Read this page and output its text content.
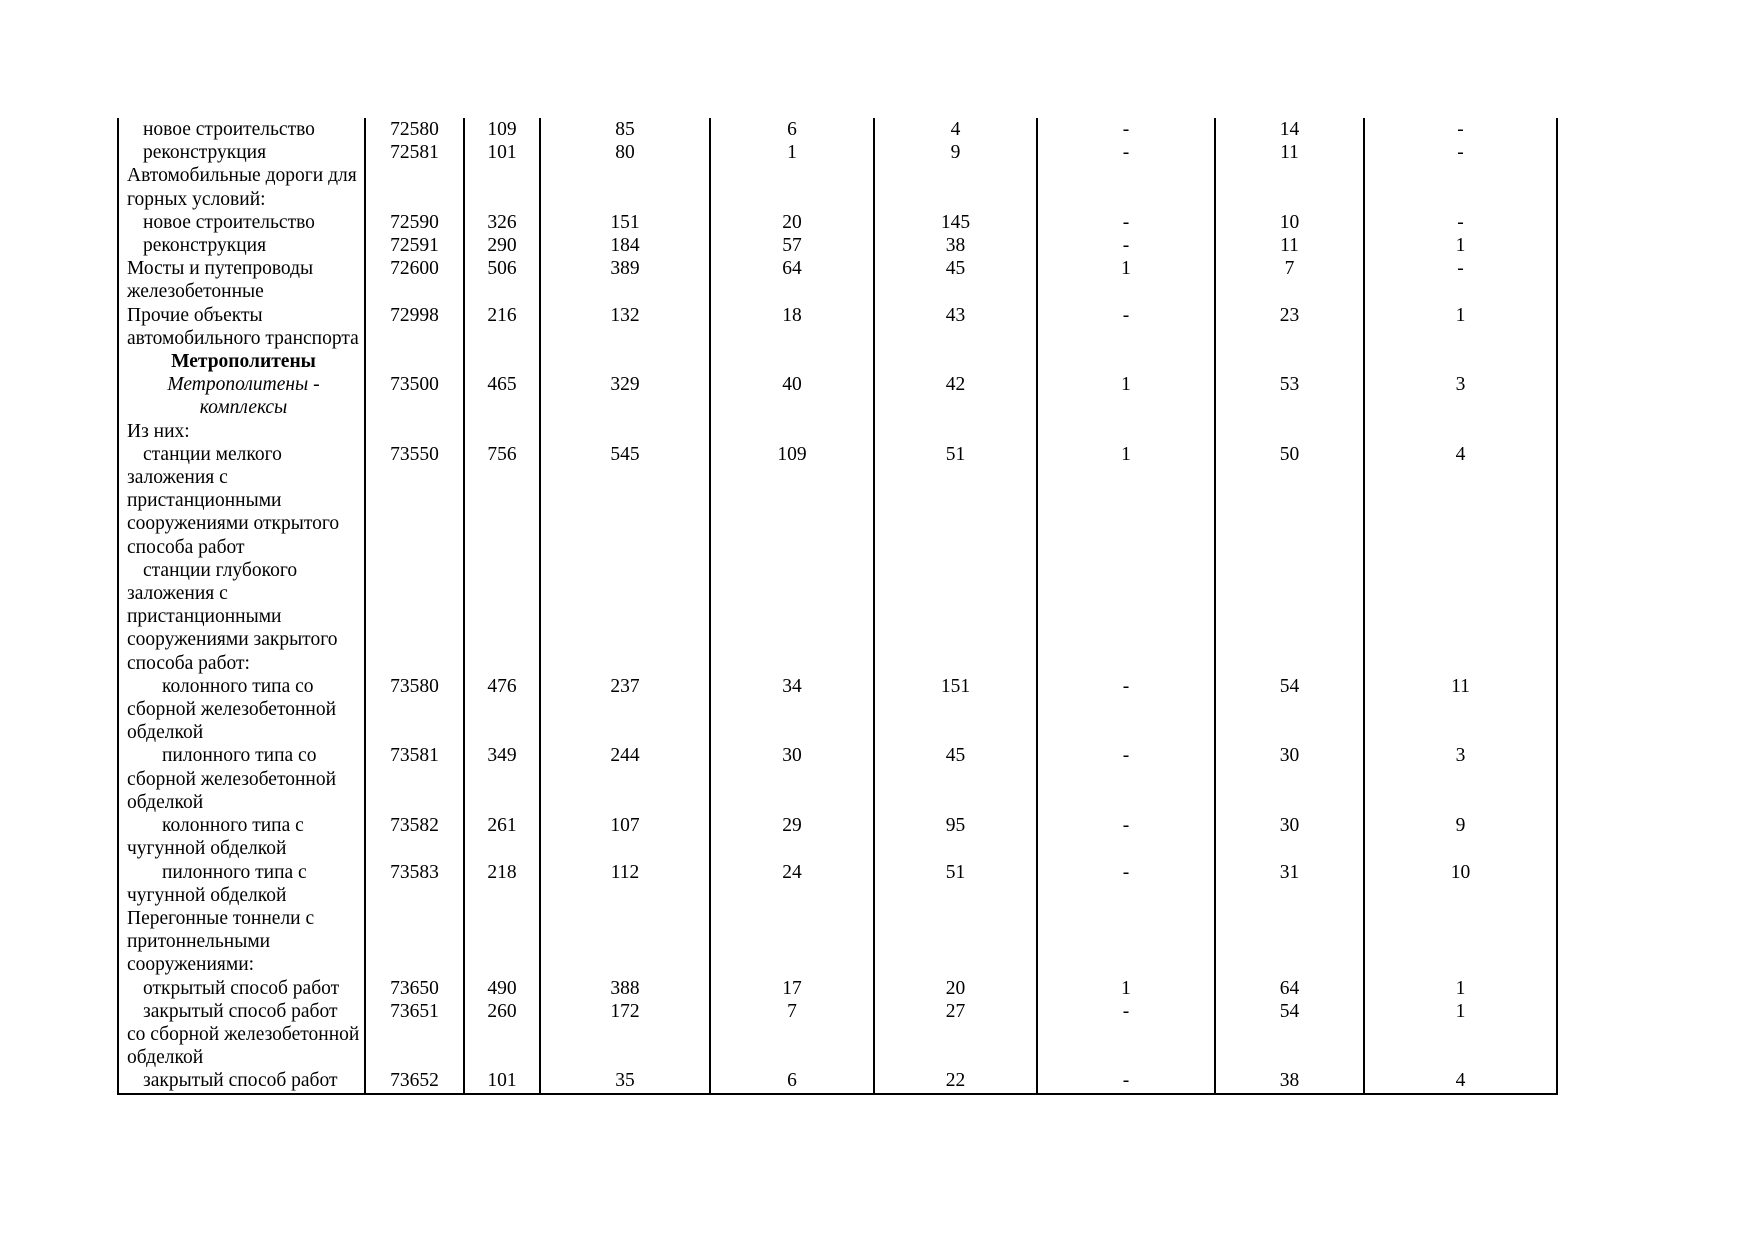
новое строительство	72580	109	85	6	4	-	14	-
реконструкция	72581	101	80	1	9	-	11	-
Автомобильные дороги для горных условий:								
новое строительство	72590	326	151	20	145	-	10	-
реконструкция	72591	290	184	57	38	-	11	1
Мосты и путепроводы железобетонные	72600	506	389	64	45	1	7	-
Прочие объекты автомобильного транспорта	72998	216	132	18	43	-	23	1
Метрополитены								
Метрополитены - комплексы	73500	465	329	40	42	1	53	3
Из них:								
станции мелкого заложения с пристанционными сооружениями открытого способа работ	73550	756	545	109	51	1	50	4
станции глубокого заложения с пристанционными сооружениями закрытого способа работ:								
колонного типа со сборной железобетонной обделкой	73580	476	237	34	151	-	54	11
пилонного типа со сборной железобетонной обделкой	73581	349	244	30	45	-	30	3
колонного типа с чугунной обделкой	73582	261	107	29	95	-	30	9
пилонного типа с чугунной обделкой	73583	218	112	24	51	-	31	10
Перегонные тоннели с притоннельными сооружениями:								
открытый способ работ	73650	490	388	17	20	1	64	1
закрытый способ работ со сборной железобетонной обделкой	73651	260	172	7	27	-	54	1
закрытый способ работ	73652	101	35	6	22	-	38	4
